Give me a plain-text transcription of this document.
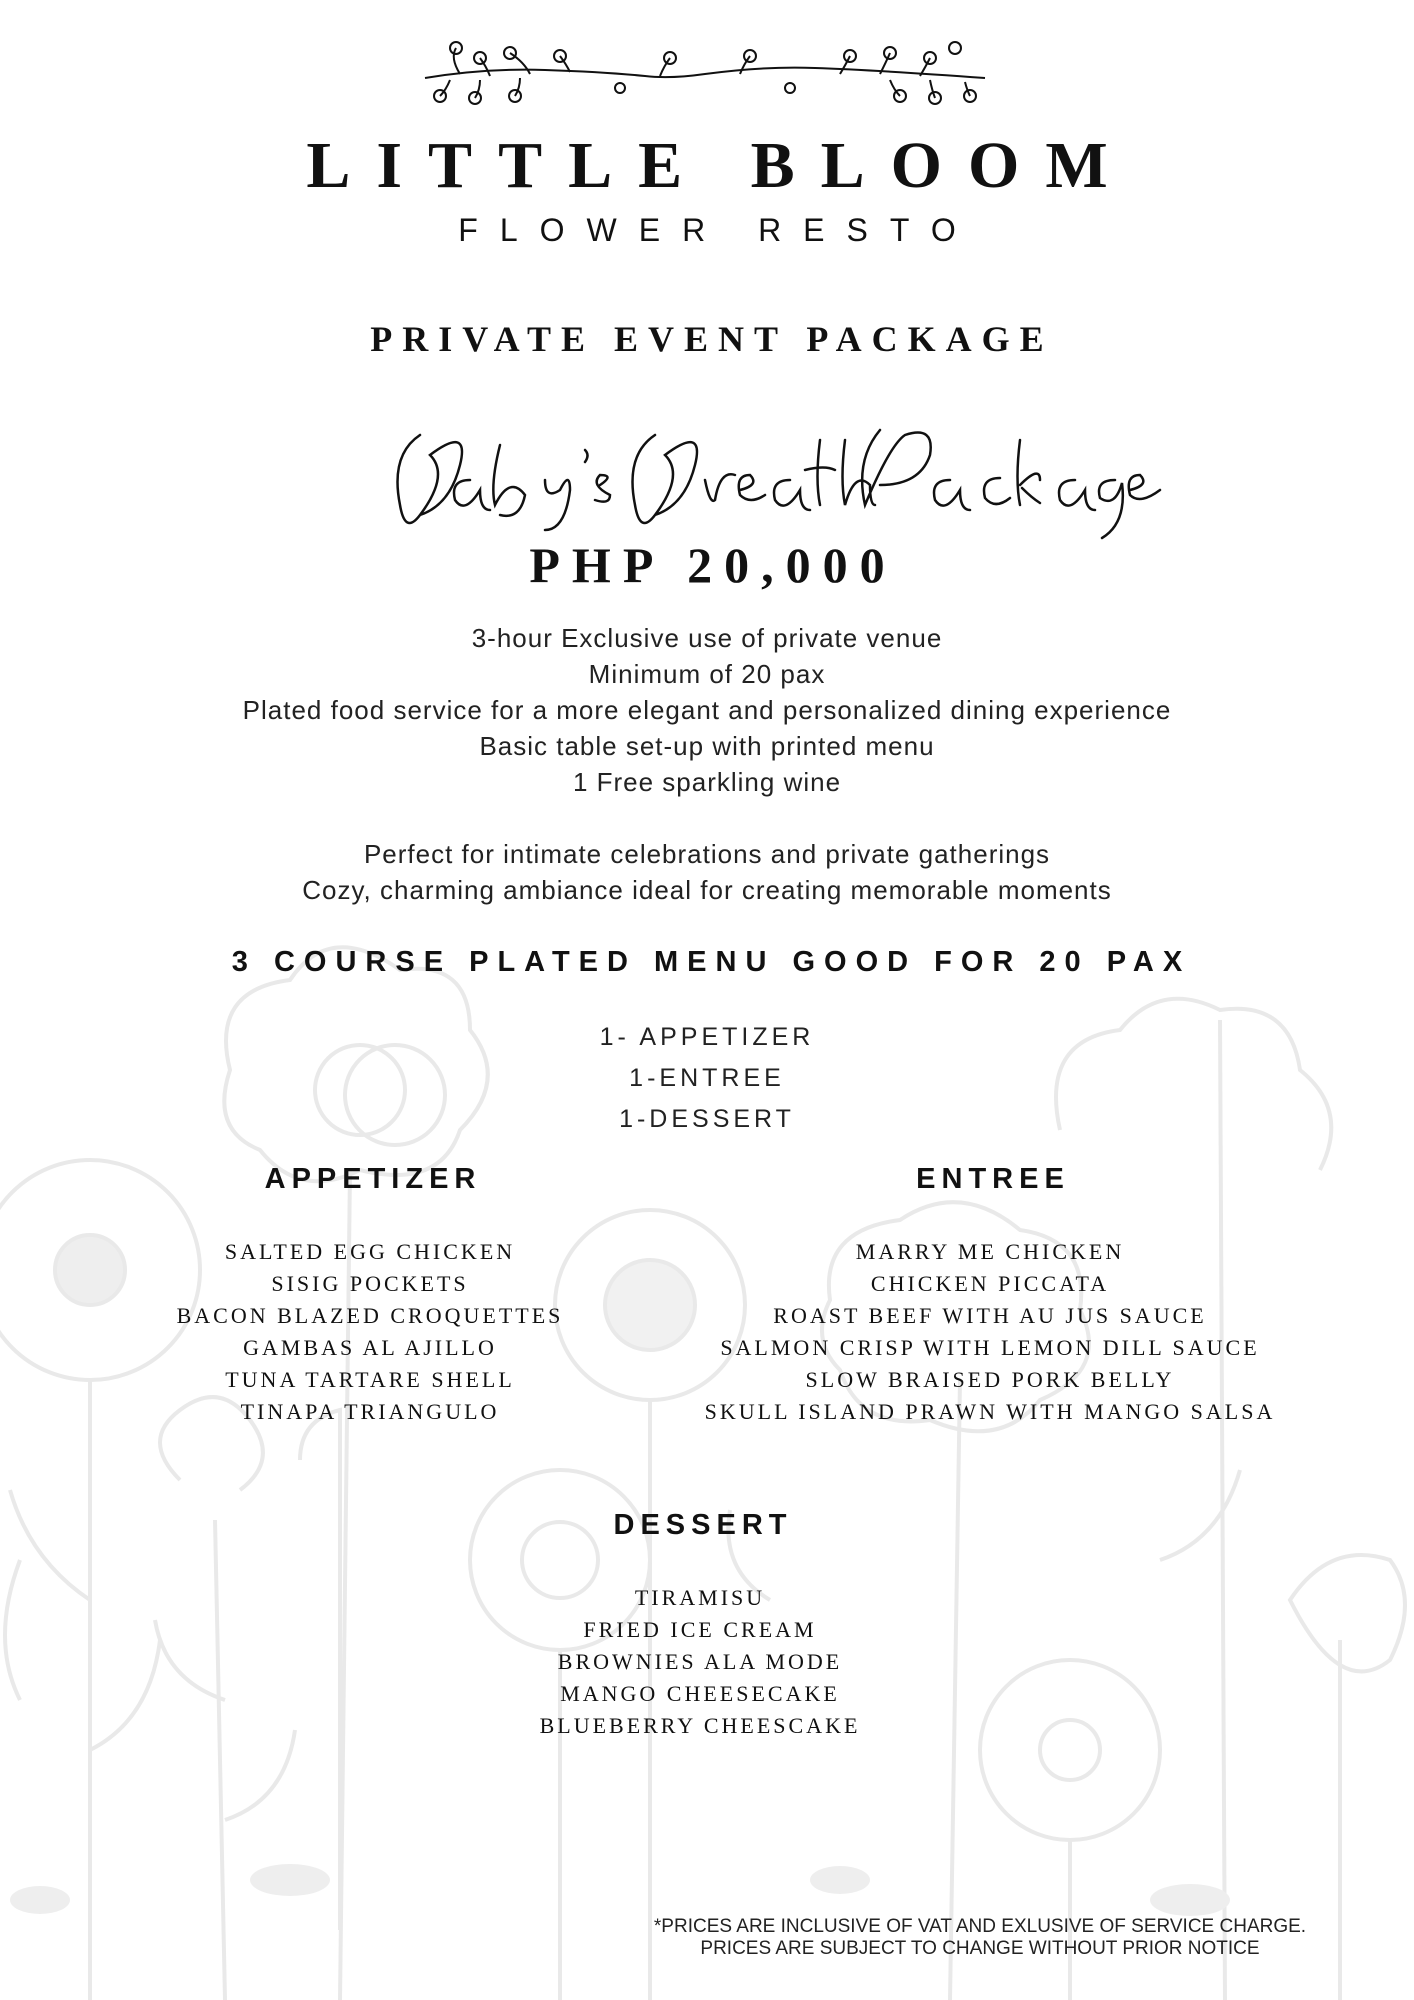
LITTLE BLOOM
FLOWER RESTO
PRIVATE EVENT PACKAGE
PHP 20,000
3-hour Exclusive use of private venue
Minimum of 20 pax
Plated food service for a more elegant and personalized dining experience
Basic table set-up with printed menu
1 Free sparkling wine
Perfect for intimate celebrations and private gatherings
Cozy, charming ambiance ideal for creating memorable moments
3 COURSE PLATED MENU GOOD FOR 20 PAX
1- APPETIZER
1-ENTREE
1-DESSERT
APPETIZER
SALTED EGG CHICKEN
SISIG POCKETS
BACON BLAZED CROQUETTES
GAMBAS AL AJILLO
TUNA TARTARE SHELL
TINAPA TRIANGULO
ENTREE
MARRY ME CHICKEN
CHICKEN PICCATA
ROAST BEEF WITH AU JUS SAUCE
SALMON CRISP WITH LEMON DILL SAUCE
SLOW BRAISED PORK BELLY
SKULL ISLAND PRAWN WITH MANGO SALSA
DESSERT
TIRAMISU
FRIED ICE CREAM
BROWNIES ALA MODE
MANGO CHEESECAKE
BLUEBERRY CHEESCAKE
*PRICES ARE INCLUSIVE OF VAT AND EXLUSIVE OF SERVICE CHARGE.
PRICES ARE SUBJECT TO CHANGE WITHOUT PRIOR NOTICE
